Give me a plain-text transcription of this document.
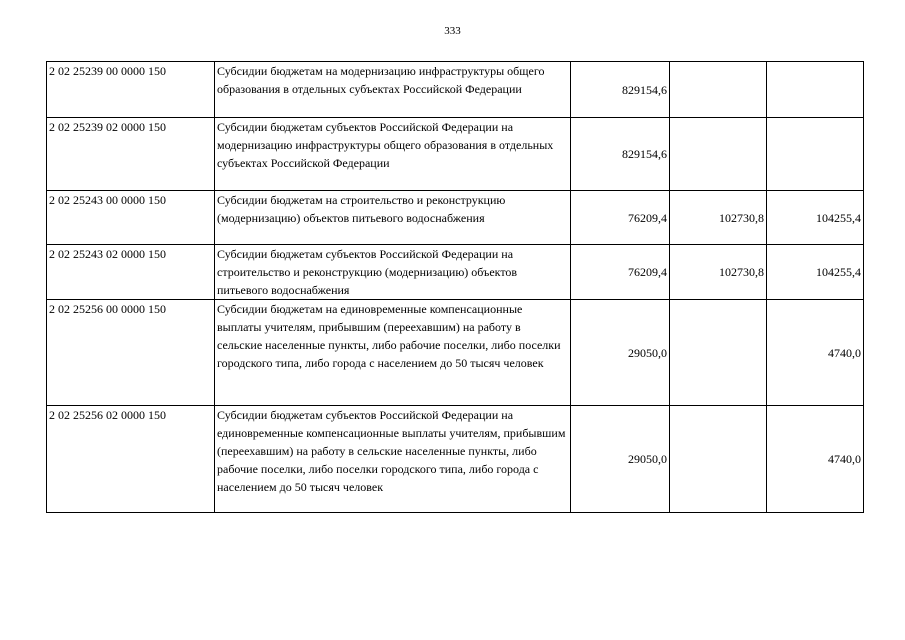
333
2 02 25239 00 0000 150	Субсидии бюджетам на модернизацию инфраструктуры общего образования в отдельных субъектах Российской Федерации	829154,6		
2 02 25239 02 0000 150	Субсидии бюджетам субъектов Российской Федерации на модернизацию инфраструктуры общего образования в отдельных субъектах Российской Федерации	829154,6		
2 02 25243 00 0000 150	Субсидии бюджетам на строительство и реконструкцию (модернизацию) объектов питьевого водоснабжения	76209,4	102730,8	104255,4
2 02 25243 02 0000 150	Субсидии бюджетам субъектов Российской Федерации на строительство и реконструкцию (модернизацию) объектов питьевого водоснабжения	76209,4	102730,8	104255,4
2 02 25256 00 0000 150	Субсидии бюджетам на единовременные компенсационные выплаты учителям, прибывшим (переехавшим) на работу в сельские населенные пункты, либо рабочие поселки, либо поселки городского типа, либо города с населением до 50 тысяч человек	29050,0		4740,0
2 02 25256 02 0000 150	Субсидии бюджетам субъектов Российской Федерации на единовременные компенсационные выплаты учителям, прибывшим (переехавшим) на работу в сельские населенные пункты, либо рабочие поселки, либо поселки городского типа, либо города с населением до 50 тысяч человек	29050,0		4740,0
